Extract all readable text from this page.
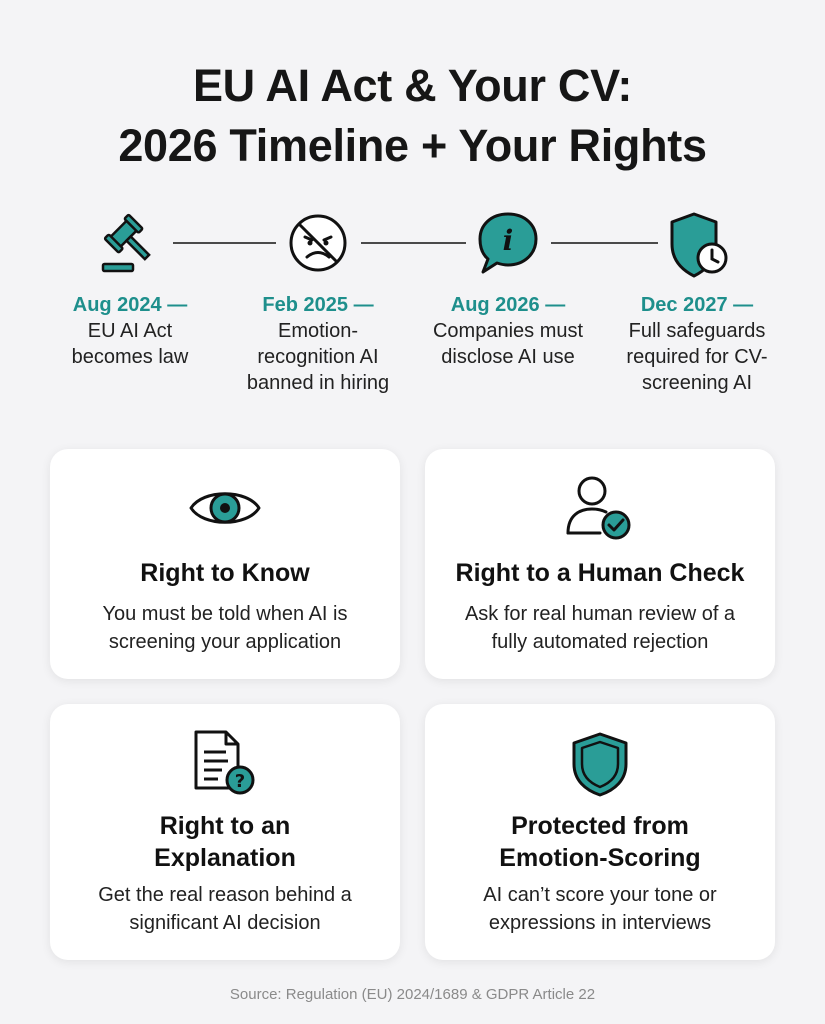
EU AI Act & Your CV:
2026 Timeline + Your Rights
i
Aug 2024 —
EU AI Act becomes law
Feb 2025 —
Emotion-recognition AI banned in hiring
Aug 2026 —
Companies must disclose AI use
Dec 2027 —
Full safeguards required for CV-screening AI
Right to Know
You must be told when AI is screening your application
Right to a Human Check
Ask for real human review of a fully automated rejection
?
Right to an Explanation
Get the real reason behind a significant AI decision
Protected from Emotion-Scoring
AI can’t score your tone or expressions in interviews
Source: Regulation (EU) 2024/1689 & GDPR Article 22
